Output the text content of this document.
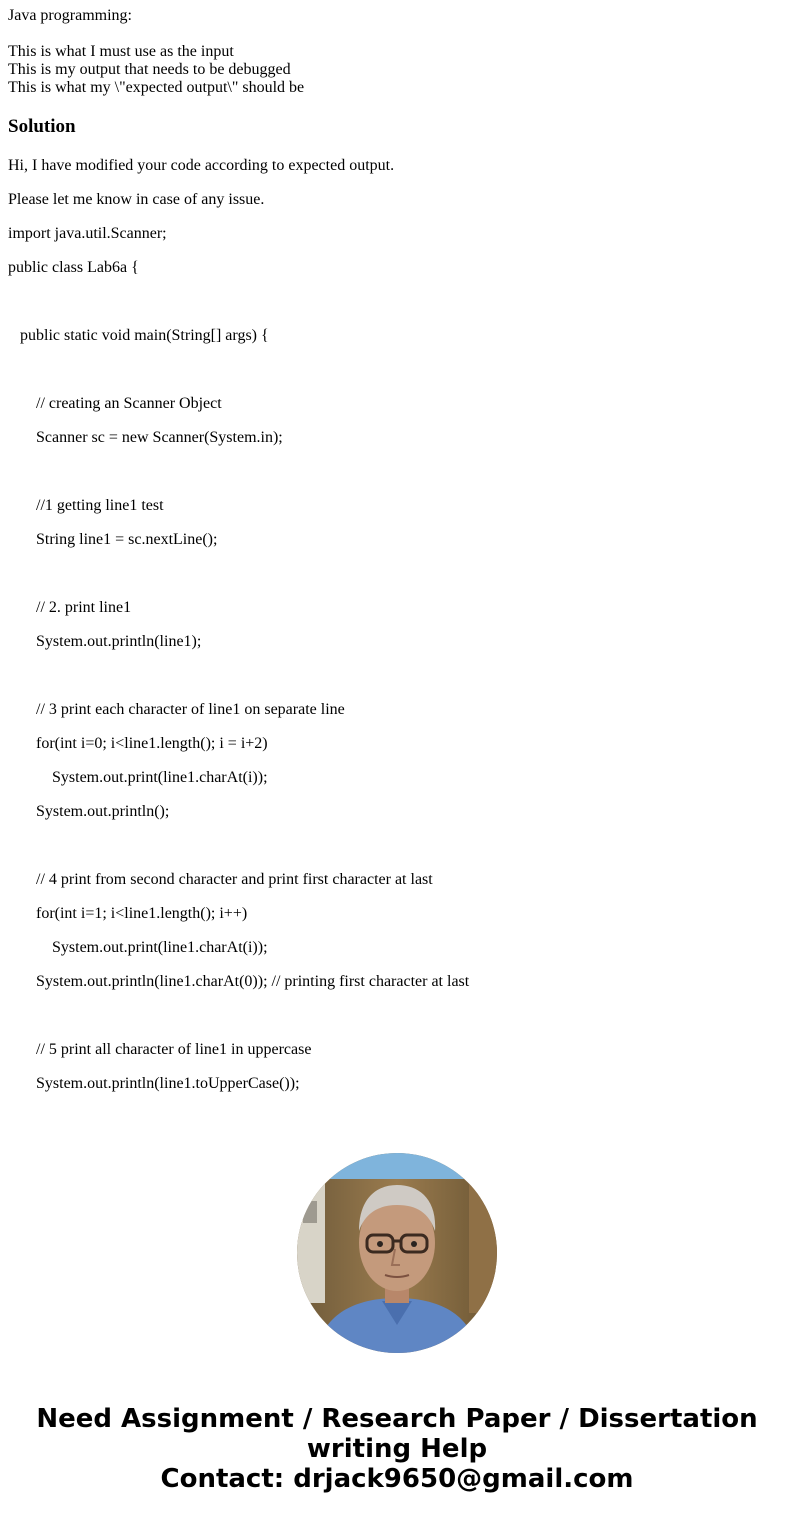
Java programming:
This is what I must use as the input
This is my output that needs to be debugged
This is what my \"expected output\" should be
Solution

Hi, I have modified your code according to expected output.

Please let me know in case of any issue.

import java.util.Scanner;

public class Lab6a {

public static void main(String[] args) {

// creating an Scanner Object

Scanner sc = new Scanner(System.in);

//1 getting line1 test

String line1 = sc.nextLine();

// 2. print line1

System.out.println(line1);

// 3 print each character of line1 on separate line

for(int i=0; i<line1.length(); i = i+2)

System.out.print(line1.charAt(i));

System.out.println();

// 4 print from second character and print first character at last

for(int i=1; i<line1.length(); i++)

System.out.print(line1.charAt(i));

System.out.println(line1.charAt(0)); // printing first character at last

// 5 print all character of line1 in uppercase

System.out.println(line1.toUpperCase());

Need Assignment / Research Paper / Dissertation
writing Help
Contact: drjack9650@gmail.com
